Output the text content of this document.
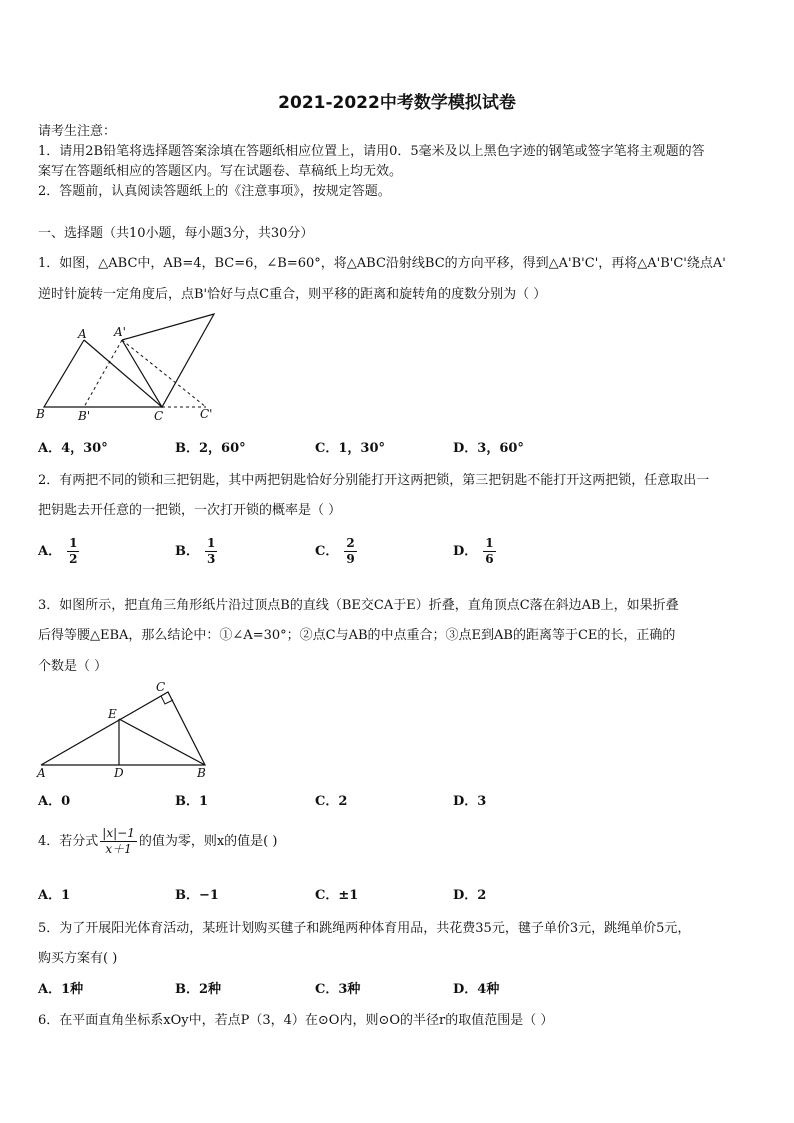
2021-2022中考数学模拟试卷
请考生注意：
1．请用2B铅笔将选择题答案涂填在答题纸相应位置上，请用0．5毫米及以上黑色字迹的钢笔或签字笔将主观题的答
案写在答题纸相应的答题区内。写在试题卷、草稿纸上均无效。
2．答题前，认真阅读答题纸上的《注意事项》，按规定答题。
一、选择题（共10小题，每小题3分，共30分）
1．如图，△ABC中，AB=4，BC=6，∠B=60°，将△ABC沿射线BC的方向平移，得到△A'B'C'，再将△A'B'C'绕点A'
逆时针旋转一定角度后，点B'恰好与点C重合，则平移的距离和旋转角的度数分别为（ ）
A A'
B	B'	C	C'
A．4，30°	B．2，60°	C．1，30°	D．3，60°
2．有两把不同的锁和三把钥匙，其中两把钥匙恰好分别能打开这两把锁，第三把钥匙不能打开这两把锁，任意取出一
把钥匙去开任意的一把锁，一次打开锁的概率是（ ）
A． $\frac{1}{2}$	B． $\frac{1}{3}$	C． $\frac{2}{9}$	D． $\frac{1}{6}$
3．如图所示，把直角三角形纸片沿过顶点B的直线（BE交CA于E）折叠，直角顶点C落在斜边AB上，如果折叠
后得等腰△EBA，那么结论中：①∠A=30°；②点C与AB的中点重合；③点E到AB的距离等于CE的长，正确的
个数是（ ）
A	D	B
E
C
A．0	B．1	C．2	D．3
4．若分式 $\frac{|x|-1}{x+1}$ 的值为零，则x的值是( )
A．1	B．−1	C．±1	D．2
5．为了开展阳光体育活动，某班计划购买毽子和跳绳两种体育用品，共花费35元，毽子单价3元，跳绳单价5元，
购买方案有( )
A．1种	B．2种	C．3种	D．4种
6．在平面直角坐标系xOy中，若点P（3，4）在⊙O内，则⊙O的半径r的取值范围是（ ）
